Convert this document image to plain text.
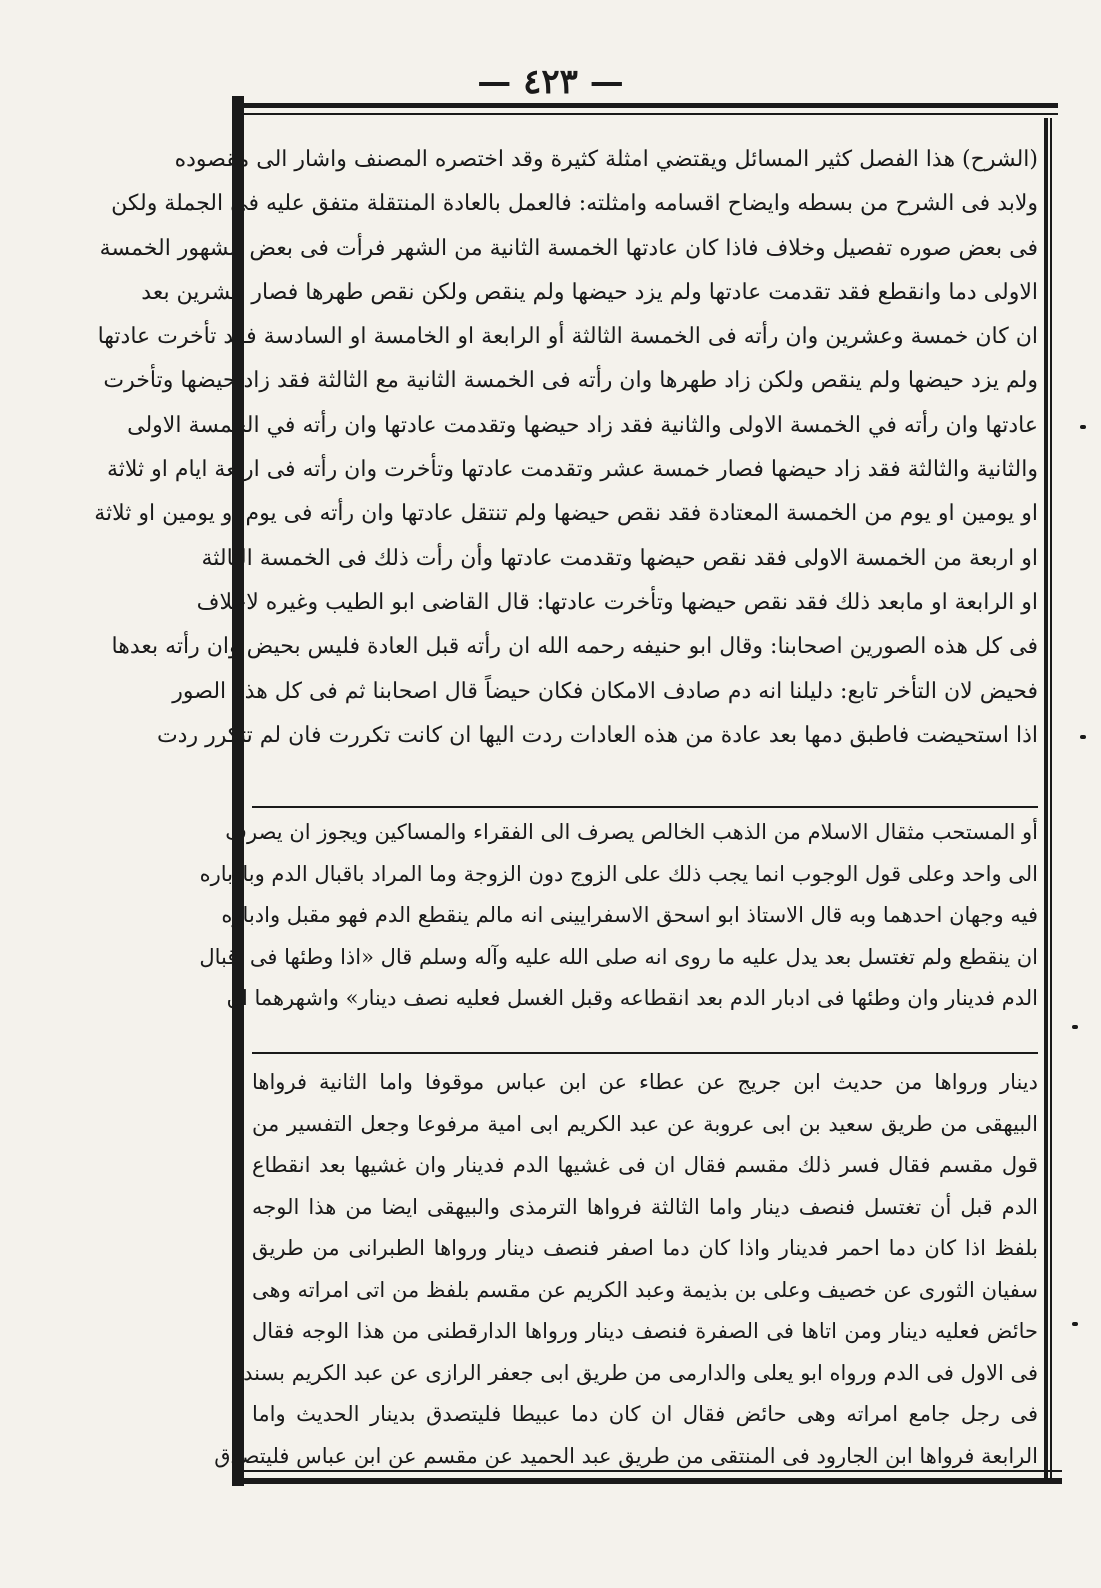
— ٤٢٣ —
(الشرح) هذا الفصل كثير المسائل ويقتضي امثلة كثيرة وقد اختصره المصنف واشار الى مقصوده
ولابد فى الشرح من بسطه وايضاح اقسامه وامثلته: فالعمل بالعادة المنتقلة متفق عليه فى الجملة ولكن
فى بعض صوره تفصيل وخلاف فاذا كان عادتها الخمسة الثانية من الشهر فرأت فى بعض الشهور الخمسة
الاولى دما وانقطع فقد تقدمت عادتها ولم يزد حيضها ولم ينقص ولكن نقص طهرها فصار عشرين بعد
ان كان خمسة وعشرين وان رأته فى الخمسة الثالثة أو الرابعة او الخامسة او السادسة فقد تأخرت عادتها
ولم يزد حيضها ولم ينقص ولكن زاد طهرها وان رأته فى الخمسة الثانية مع الثالثة فقد زاد حيضها وتأخرت
عادتها وان رأته في الخمسة الاولى والثانية فقد زاد حيضها وتقدمت عادتها وان رأته في الخمسة الاولى
والثانية والثالثة فقد زاد حيضها فصار خمسة عشر وتقدمت عادتها وتأخرت وان رأته فى اربعة ايام او ثلاثة
او يومين او يوم من الخمسة المعتادة فقد نقص حيضها ولم تنتقل عادتها وان رأته فى يوم او يومين او ثلاثة
او اربعة من الخمسة الاولى فقد نقص حيضها وتقدمت عادتها وأن رأت ذلك فى الخمسة الثالثة
او الرابعة او مابعد ذلك فقد نقص حيضها وتأخرت عادتها: قال القاضى ابو الطيب وغيره لاخلاف
فى كل هذه الصورين اصحابنا: وقال ابو حنيفه رحمه الله ان رأته قبل العادة فليس بحيض وان رأته بعدها
فحيض لان التأخر تابع: دليلنا انه دم صادف الامكان فكان حيضاً قال اصحابنا ثم فى كل هذه الصور
اذا استحيضت فاطبق دمها بعد عادة من هذه العادات ردت اليها ان كانت تكررت فان لم تتكرر ردت
أو المستحب مثقال الاسلام من الذهب الخالص يصرف الى الفقراء والمساكين ويجوز ان يصرف
الى واحد وعلى قول الوجوب انما يجب ذلك على الزوج دون الزوجة وما المراد باقبال الدم وبادباره
فيه وجهان احدهما وبه قال الاستاذ ابو اسحق الاسفرايينى انه مالم ينقطع الدم فهو مقبل وادباره
ان ينقطع ولم تغتسل بعد يدل عليه ما روى انه صلى الله عليه وآله وسلم قال «اذا وطئها فى اقبال
الدم فدينار وان وطئها فى ادبار الدم بعد انقطاعه وقبل الغسل فعليه نصف دينار» واشهرهما ان
دينار ورواها من حديث ابن جريج عن عطاء عن ابن عباس موقوفا واما الثانية فرواها
البيهقى من طريق سعيد بن ابى عروبة عن عبد الكريم ابى امية مرفوعا وجعل التفسير من
قول مقسم فقال فسر ذلك مقسم فقال ان فى غشيها الدم فدينار وان غشيها بعد انقطاع
الدم قبل أن تغتسل فنصف دينار واما الثالثة فرواها الترمذى والبيهقى ايضا من هذا الوجه
بلفظ اذا كان دما احمر فدينار واذا كان دما اصفر فنصف دينار ورواها الطبرانى من طريق
سفيان الثورى عن خصيف وعلى بن بذيمة وعبد الكريم عن مقسم بلفظ من اتى امراته وهى
حائض فعليه دينار ومن اتاها فى الصفرة فنصف دينار ورواها الدارقطنى من هذا الوجه فقال
فى الاول فى الدم ورواه ابو يعلى والدارمى من طريق ابى جعفر الرازى عن عبد الكريم بسنده
فى رجل جامع امراته وهى حائض فقال ان كان دما عبيطا فليتصدق بدينار الحديث واما
الرابعة فرواها ابن الجارود فى المنتقى من طريق عبد الحميد عن مقسم عن ابن عباس فليتصدق
